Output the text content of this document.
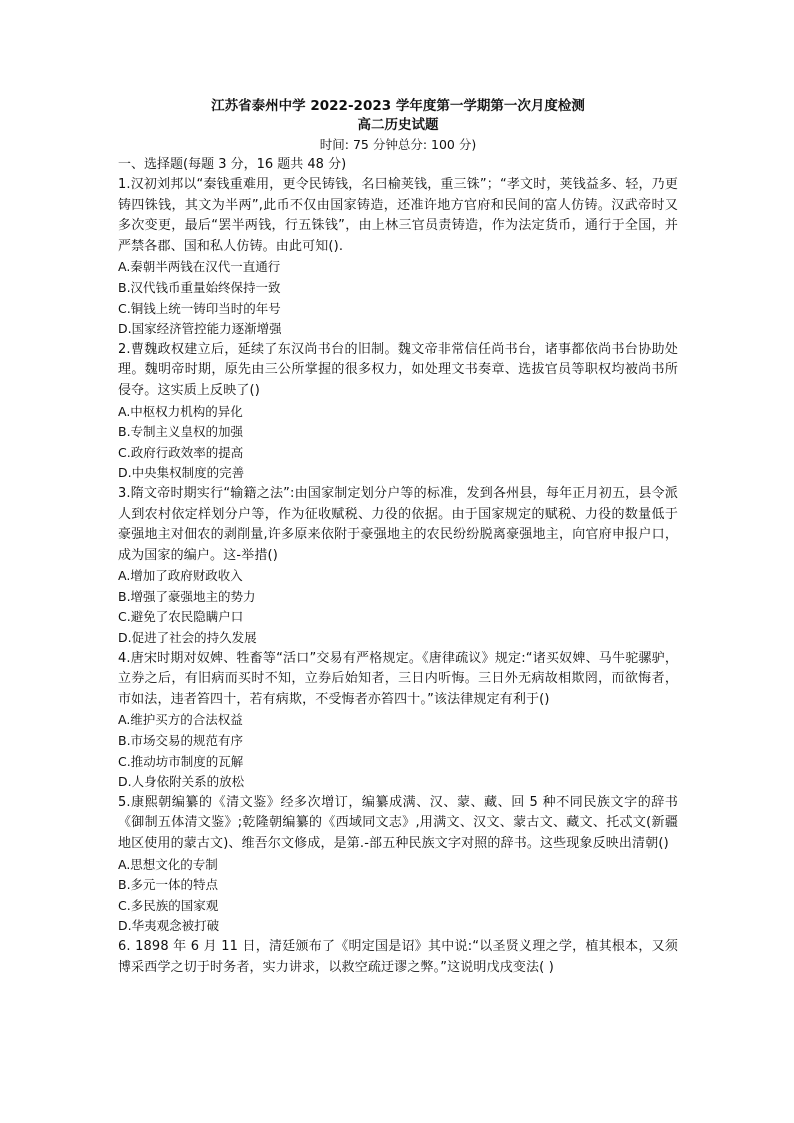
江苏省泰州中学 2022-2023 学年度第一学期第一次月度检测

高二历史试题

时间: 75 分钟总分: 100 分)

一、选择题(每题 3 分，16 题共 48 分)

1.汉初刘邦以“秦钱重难用，更令民铸钱，名曰榆荚钱，重三铢”；“孝文时，荚钱益多、轻，乃更铸四铢钱，其文为半两”,此币不仅由国家铸造，还准许地方官府和民间的富人仿铸。汉武帝时又多次变更，最后“罢半两钱，行五铢钱”，由上林三官员责铸造，作为法定货币，通行于全国，并严禁各郡、国和私人仿铸。由此可知().

A.秦朝半两钱在汉代一直通行

B.汉代钱币重量始终保持一致

C.铜钱上统一铸印当时的年号

D.国家经济管控能力逐渐增强

2.曹魏政权建立后，延续了东汉尚书台的旧制。魏文帝非常信任尚书台，诸事都依尚书台协助处理。魏明帝时期，原先由三公所掌握的很多权力，如处理文书奏章、选拔官员等职权均被尚书所侵夺。这实质上反映了()

A.中枢权力机构的异化

B.专制主义皇权的加强

C.政府行政效率的提高

D.中央集权制度的完善

3.隋文帝时期实行“输籍之法”:由国家制定划分户等的标准，发到各州县，每年正月初五，县令派人到农村依定样划分户等，作为征收赋税、力役的依据。由于国家规定的赋税、力役的数量低于豪强地主对佃农的剥削量,许多原来依附于豪强地主的农民纷纷脱离豪强地主，向官府申报户口，成为国家的编户。这-举措()

A.增加了政府财政收入

B.增强了豪强地主的势力

C.避免了农民隐瞒户口

D.促进了社会的持久发展

4.唐宋时期对奴婢、牲畜等“活口”交易有严格规定。《唐律疏议》规定:“诸买奴婢、马牛驼骡驴，立券之后，有旧病而买时不知，立券后始知者，三日内听悔。三日外无病故相欺罔，而欲悔者，市如法，违者笞四十，若有病欺，不受悔者亦笞四十。”该法律规定有利于()

A.维护买方的合法权益

B.市场交易的规范有序

C.推动坊市制度的瓦解

D.人身依附关系的放松

5.康熙朝编纂的《清文鉴》经多次增订，编纂成满、汉、蒙、藏、回 5 种不同民族文字的辞书《御制五体清文鉴》;乾隆朝编纂的《西域同文志》,用满文、汉文、蒙古文、藏文、托忒文(新疆地区使用的蒙古文)、维吾尔文修成，是第.-部五种民族文字对照的辞书。这些现象反映出清朝()

A.思想文化的专制

B.多元一体的特点

C.多民族的国家观

D.华夷观念被打破

6. 1898 年 6 月 11 日，清廷颁布了《明定国是诏》其中说:“以圣贤义理之学，植其根本，又须博采西学之切于时务者，实力讲求，以救空疏迂谬之弊。”这说明戊戌变法( )
